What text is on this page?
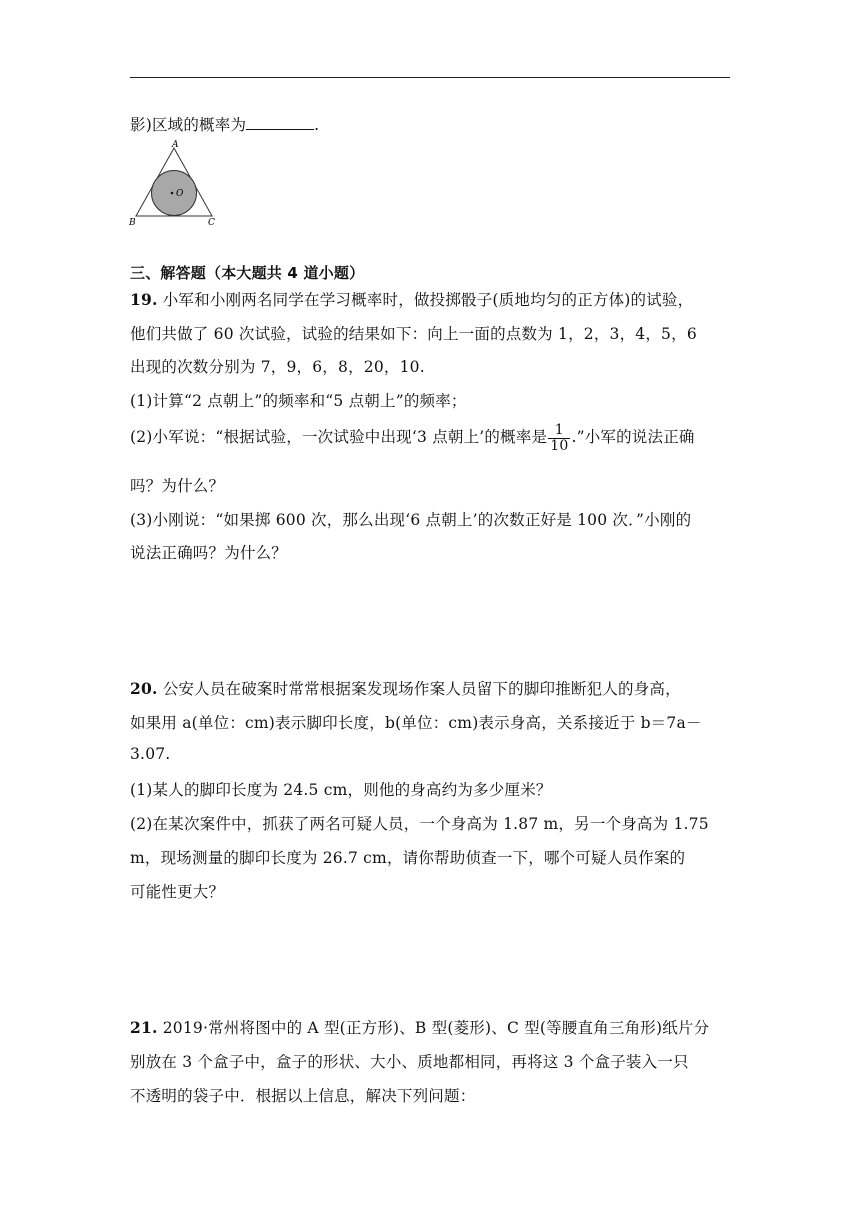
影)区域的概率为	.
O
A
B	C
三、解答题（本大题共 4 道小题）
19. 小军和小刚两名同学在学习概率时，做投掷骰子(质地均匀的正方体)的试验，
他们共做了 60 次试验，试验的结果如下：向上一面的点数为 1，2，3，4，5，6
出现的次数分别为 7，9，6，8，20，10.
(1)计算“2 点朝上”的频率和“5 点朝上”的频率；
(2)小军说：“根据试验，一次试验中出现‘3 点朝上’的概率是 $\frac{1}{10}$ .”小军的说法正确
吗？为什么？
(3)小刚说：“如果掷 600 次，那么出现‘6 点朝上’的次数正好是 100 次．”小刚的
说法正确吗？为什么？
20. 公安人员在破案时常常根据案发现场作案人员留下的脚印推断犯人的身高，
如果用 a(单位：cm)表示脚印长度，b(单位：cm)表示身高，关系接近于 b＝7a－
3.07.
(1)某人的脚印长度为 24.5 cm，则他的身高约为多少厘米？
(2)在某次案件中，抓获了两名可疑人员，一个身高为 1.87 m，另一个身高为 1.75
m，现场测量的脚印长度为 26.7 cm，请你帮助侦查一下，哪个可疑人员作案的
可能性更大？
21. 2019·常州将图中的 A 型(正方形)、B 型(菱形)、C 型(等腰直角三角形)纸片分
别放在 3 个盒子中，盒子的形状、大小、质地都相同，再将这 3 个盒子装入一只
不透明的袋子中．根据以上信息，解决下列问题：
